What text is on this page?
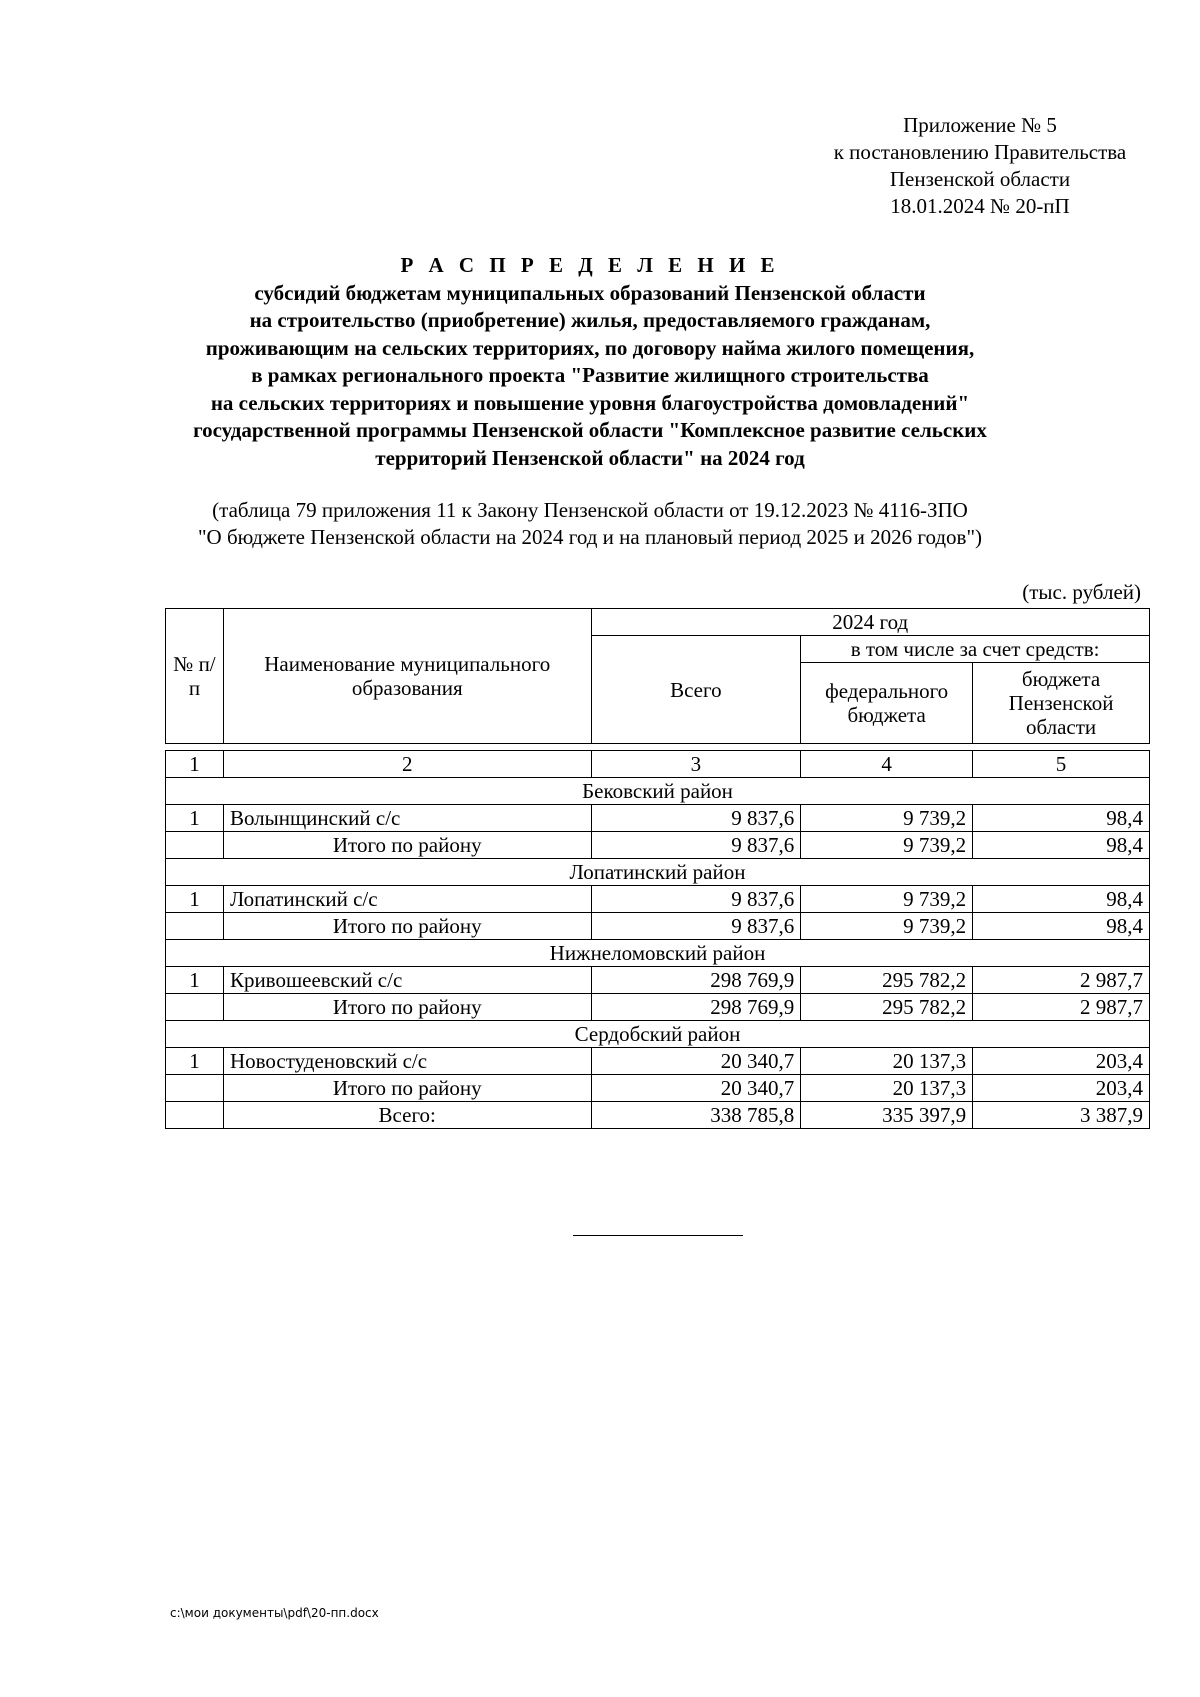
Приложение № 5
к постановлению Правительства
Пензенской области
18.01.2024 № 20-пП
Р А С П Р Е Д Е Л Е Н И Е
субсидий бюджетам муниципальных образований Пензенской области
на строительство (приобретение) жилья, предоставляемого гражданам,
проживающим на сельских территориях, по договору найма жилого помещения,
в рамках регионального проекта "Развитие жилищного строительства
на сельских территориях и повышение уровня благоустройства домовладений"
государственной программы Пензенской области "Комплексное развитие сельских
территорий Пензенской области" на 2024 год
(таблица 79 приложения 11 к Закону Пензенской области от 19.12.2023 № 4116-ЗПО
"О бюджете Пензенской области на 2024 год и на плановый период 2025 и 2026 годов")
(тыс. рублей)
№ п/п	Наименование муниципального образования	2024 год		
		Всего	в том числе за счет средств:	
			федерального бюджета	бюджета Пензенской области

1	2	3	4	5
Бековский район				
1	Волынщинский с/с	9 837,6	9 739,2	98,4
	Итого по району	9 837,6	9 739,2	98,4
Лопатинский район				
1	Лопатинский с/с	9 837,6	9 739,2	98,4
	Итого по району	9 837,6	9 739,2	98,4
Нижнеломовский район				
1	Кривошеевский с/с	298 769,9	295 782,2	2 987,7
	Итого по району	298 769,9	295 782,2	2 987,7
Сердобский район				
1	Новостуденовский с/с	20 340,7	20 137,3	203,4
	Итого по району	20 340,7	20 137,3	203,4
	Всего:	338 785,8	335 397,9	3 387,9
c:\мои документы\pdf\20-пп.docx
